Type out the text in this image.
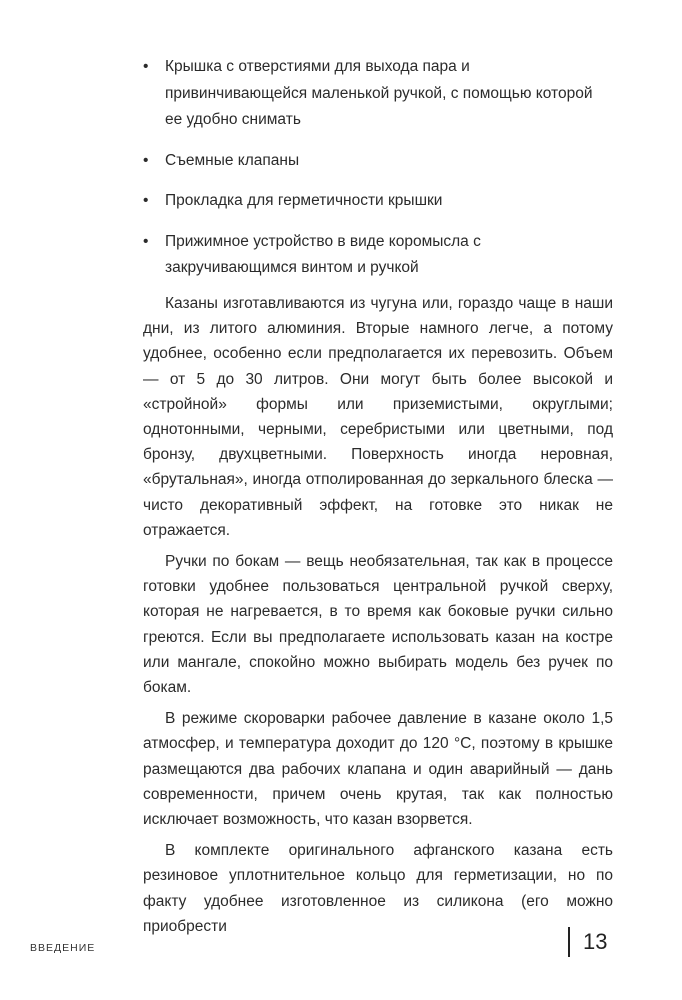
• Крышка с отверстиями для выхода пара и привинчивающейся маленькой ручкой, с помощью которой ее удобно снимать
• Съемные клапаны
• Прокладка для герметичности крышки
• Прижимное устройство в виде коромысла с закручивающимся винтом и ручкой

Казаны изготавливаются из чугуна или, гораздо чаще в наши дни, из литого алюминия. Вторые намного легче, а потому удобнее, особенно если предполагается их перевозить. Объем — от 5 до 30 литров. Они могут быть более высокой и «стройной» формы или приземистыми, округлыми; однотонными, черными, серебристыми или цветными, под бронзу, двухцветными. Поверхность иногда неровная, «брутальная», иногда отполированная до зеркального блеска — чисто декоративный эффект, на готовке это никак не отражается.

Ручки по бокам — вещь необязательная, так как в процессе готовки удобнее пользоваться центральной ручкой сверху, которая не нагревается, в то время как боковые ручки сильно греются. Если вы предполагаете использовать казан на костре или мангале, спокойно можно выбирать модель без ручек по бокам.

В режиме скороварки рабочее давление в казане около 1,5 атмосфер, и температура доходит до 120 °С, поэтому в крышке размещаются два рабочих клапана и один аварийный — дань современности, причем очень крутая, так как полностью исключает возможность, что казан взорвется.

В комплекте оригинального афганского казана есть резиновое уплотнительное кольцо для герметизации, но по факту удобнее изготовленное из силикона (его можно приобрести

ВВЕДЕНИЕ	13
